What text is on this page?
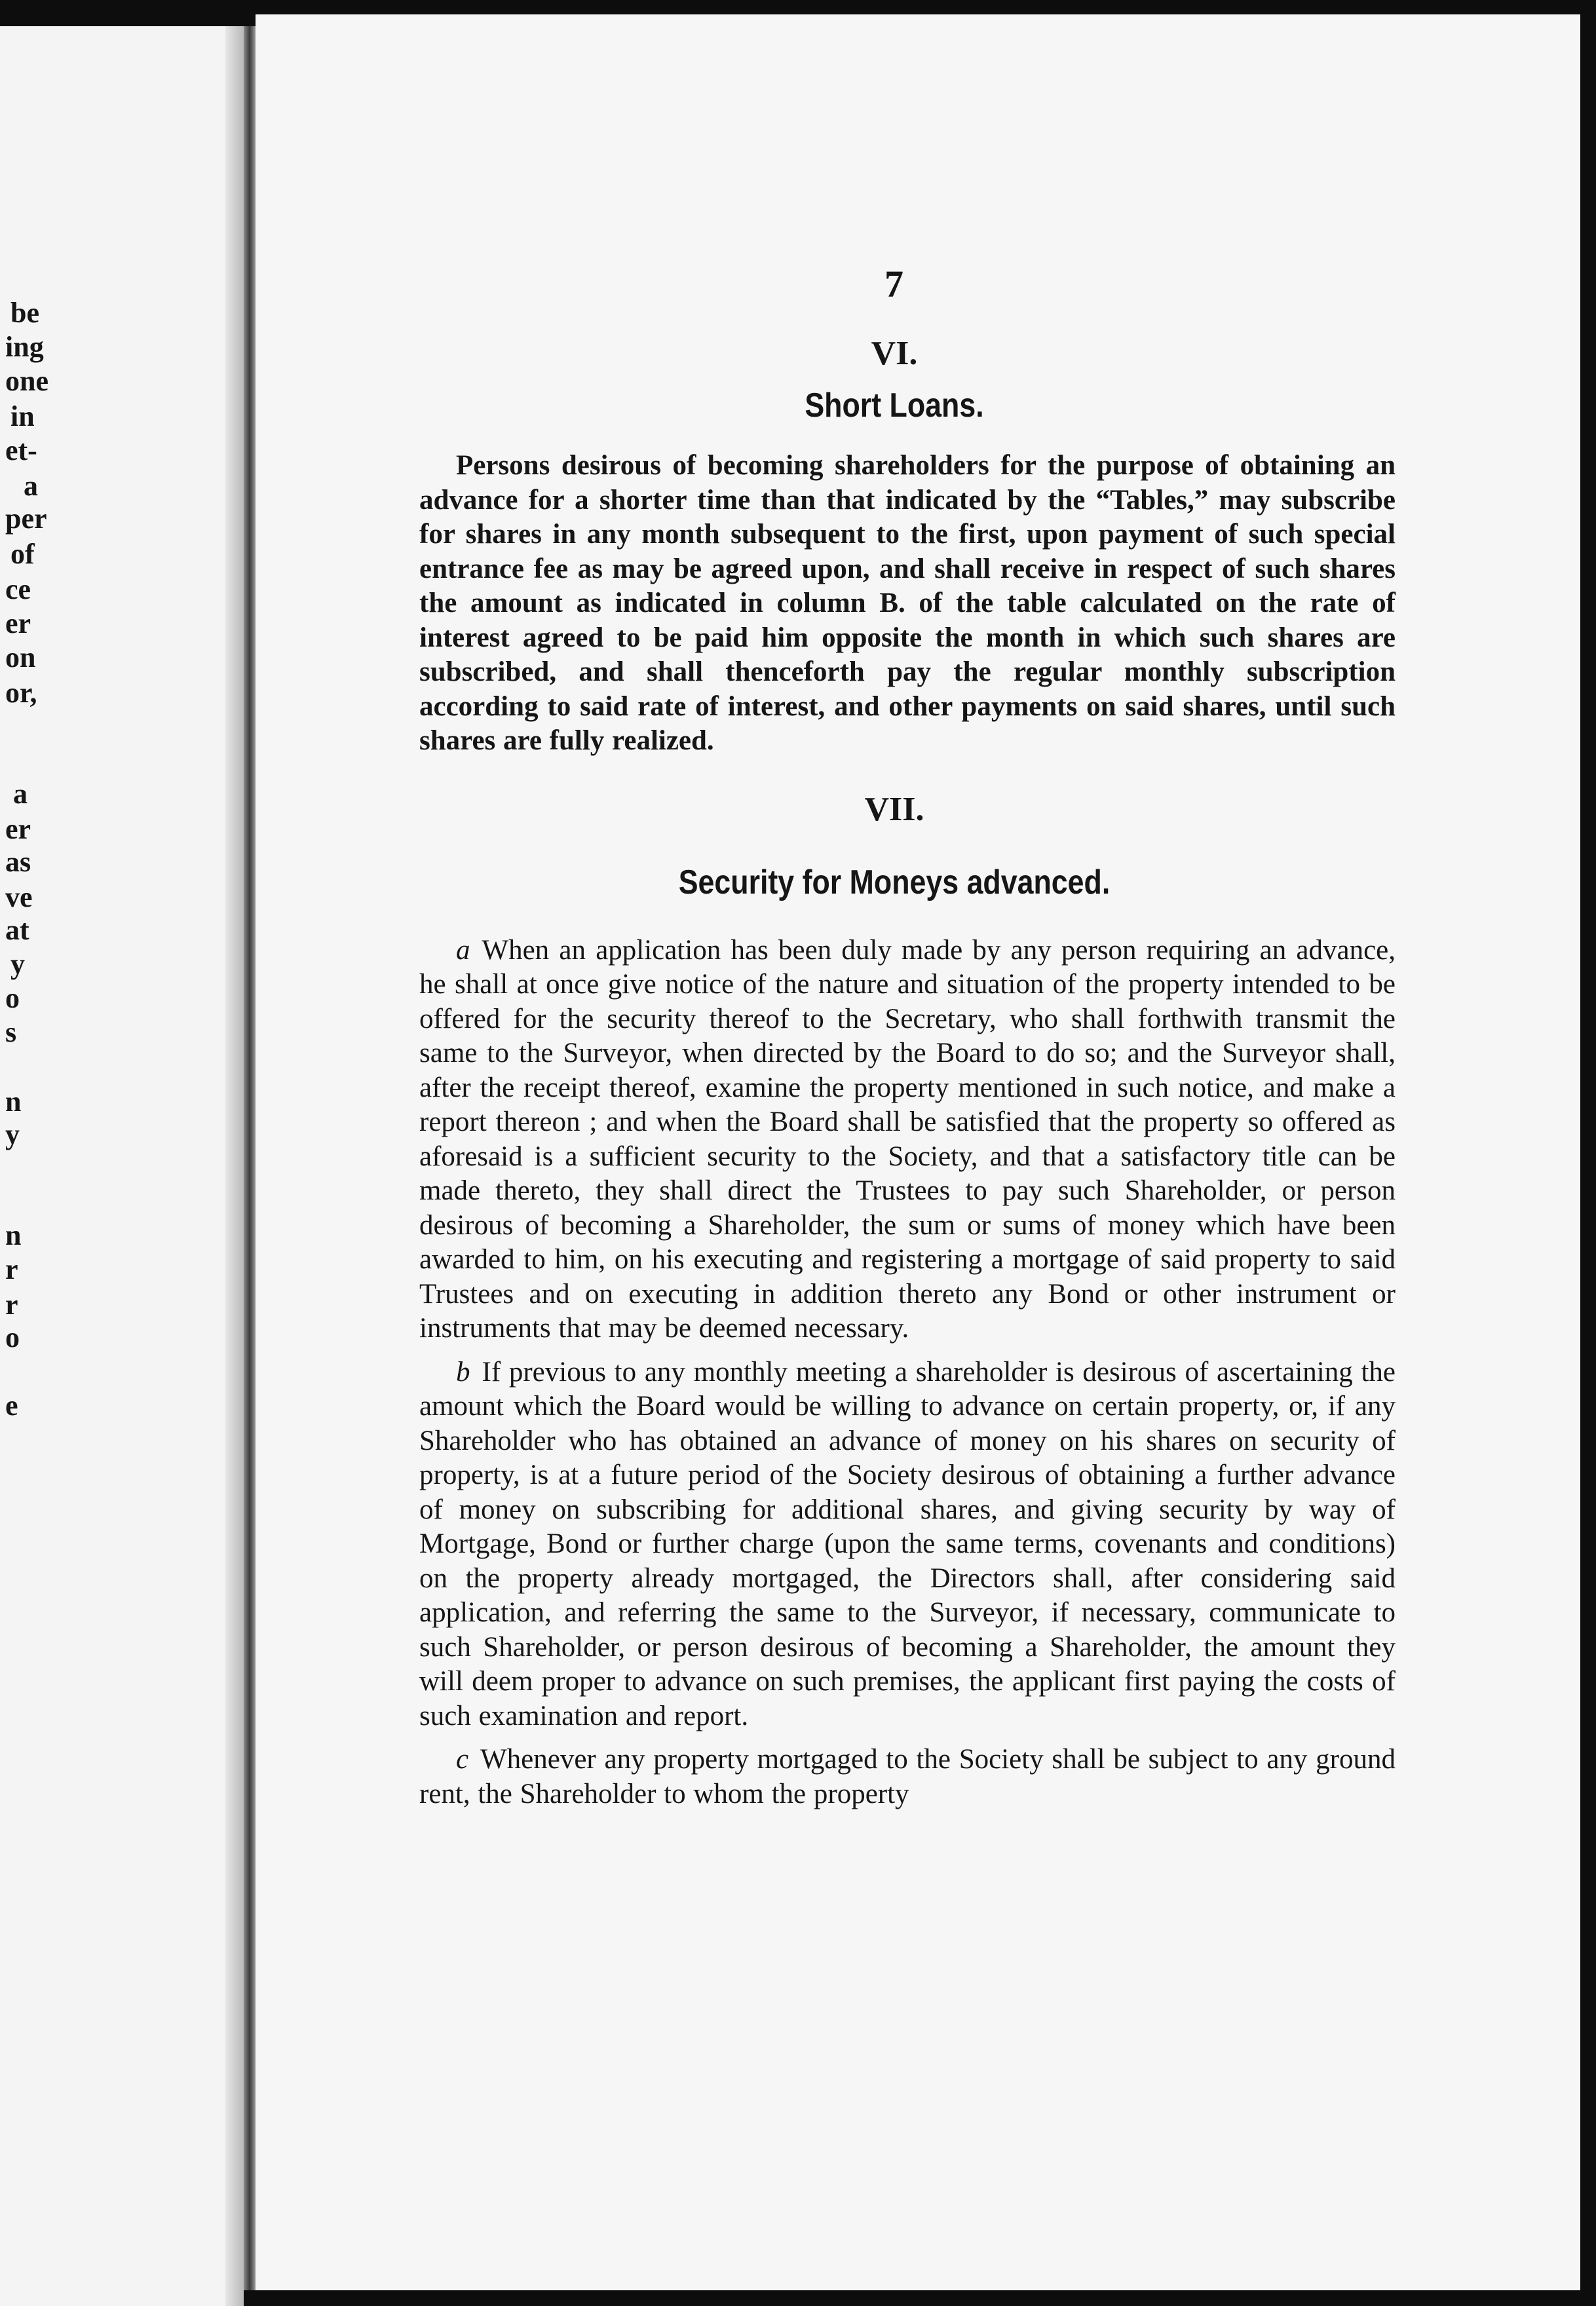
be
ing
one
in
et-
a
per
of
ce
er
on
or,
a
er
as
ve
at
y
o
s
n
y
n
r
r
o
e
7
VI.
Short Loans.

Persons desirous of becoming shareholders for the purpose of obtaining an advance for a shorter time than that indicated by the “Tables,” may subscribe for shares in any month subsequent to the first, upon payment of such special entrance fee as may be agreed upon, and shall receive in respect of such shares the amount as indicated in column B. of the table calculated on the rate of interest agreed to be paid him opposite the month in which such shares are subscribed, and shall thenceforth pay the regular monthly subscription according to said rate of interest, and other payments on said shares, until such shares are fully realized.

VII.
Security for Moneys advanced.

a When an application has been duly made by any person requiring an advance, he shall at once give notice of the nature and situation of the property intended to be offered for the security thereof to the Secretary, who shall forthwith transmit the same to the Surveyor, when directed by the Board to do so; and the Surveyor shall, after the receipt thereof, examine the property mentioned in such notice, and make a report thereon ; and when the Board shall be satisfied that the property so offered as aforesaid is a sufficient security to the Society, and that a satisfactory title can be made thereto, they shall direct the Trustees to pay such Shareholder, or person desirous of becoming a Shareholder, the sum or sums of money which have been awarded to him, on his executing and registering a mortgage of said property to said Trustees and on executing in addition thereto any Bond or other instrument or instruments that may be deemed necessary.

b If previous to any monthly meeting a shareholder is desirous of ascertaining the amount which the Board would be willing to advance on certain property, or, if any Shareholder who has obtained an advance of money on his shares on security of property, is at a future period of the Society desirous of obtaining a further advance of money on subscribing for additional shares, and giving security by way of Mortgage, Bond or further charge (upon the same terms, covenants and conditions) on the property already mortgaged, the Directors shall, after considering said application, and referring the same to the Surveyor, if necessary, communicate to such Shareholder, or person desirous of becoming a Shareholder, the amount they will deem proper to advance on such premises, the applicant first paying the costs of such examination and report.

c Whenever any property mortgaged to the Society shall be subject to any ground rent, the Shareholder to whom the property
